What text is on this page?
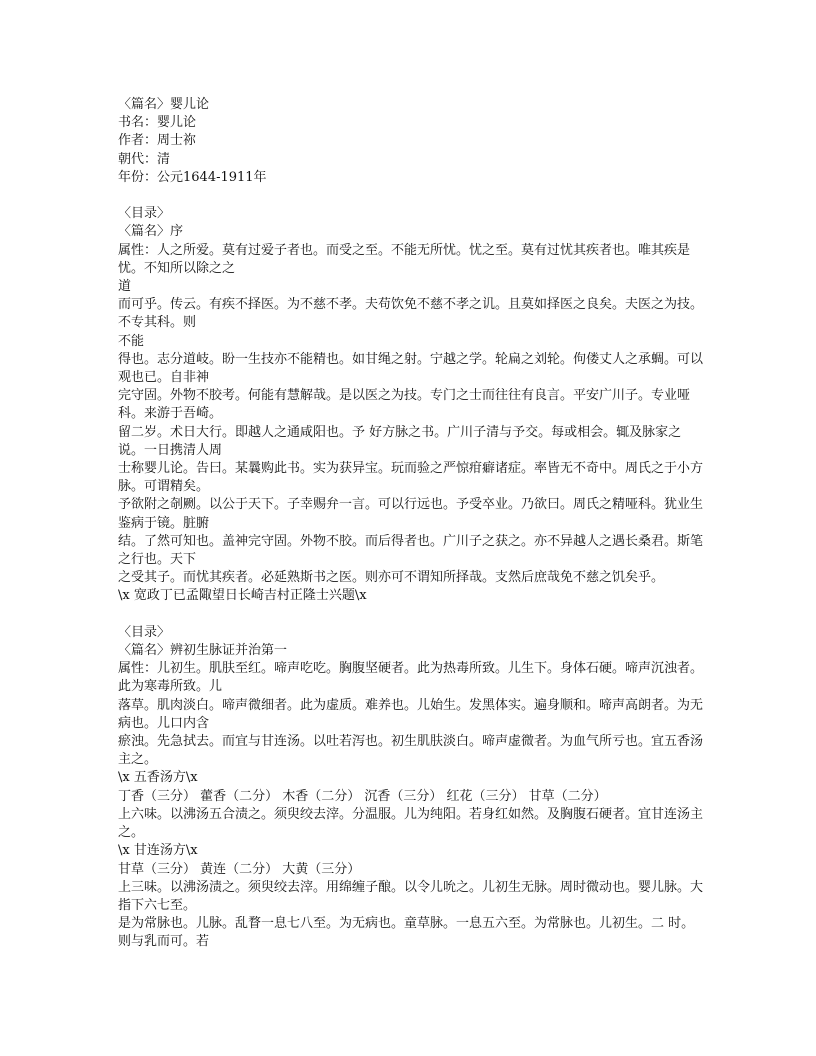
〈篇名〉婴儿论
书名：婴儿论
作者：周士祢
朝代：清
年份：公元1644-1911年
〈目录〉
〈篇名〉序
属性：人之所爱。莫有过爱子者也。而受之至。不能无所忧。忧之至。莫有过忧其疾者也。唯其疾是忧。不知所以除之之
道
而可乎。传云。有疾不择医。为不慈不孝。夫苟饮免不慈不孝之讥。且莫如择医之良矣。夫医之为技。不专其科。则
不能
得也。志分道岐。盼一生技亦不能精也。如甘绳之射。宁越之学。轮扁之刘轮。佝偻丈人之承蜩。可以观也已。自非神
完守固。外物不胶考。何能有慧解哉。是以医之为技。专门之士而往往有良言。平安广川子。专业哑科。来游于吾崎。
留二岁。术日大行。即越人之通咸阳也。予 好方脉之书。广川子清与予交。每或相会。辄及脉家之说。一日携清人周
士称婴儿论。告曰。某曩购此书。实为获异宝。玩而验之严惊疳癖诸症。率皆无不奇中。周氏之于小方脉。可谓精矣。
予欲附之剞劂。以公于天下。子幸赐弁一言。可以行远也。予受卒业。乃欲曰。周氏之精哑科。犹业生鉴病于镜。脏腑
结。了然可知也。盖神完守固。外物不胶。而后得者也。广川子之获之。亦不异越人之遇长桑君。斯笔之行也。天下
之受其子。而忧其疾者。必延熟斯书之医。则亦可不谓知所择哉。支然后庶哉免不慈之饥矣乎。
\x 宽政丁已孟陬望日长崎吉村正隆士兴题\x
〈目录〉
〈篇名〉辨初生脉证并治第一
属性：儿初生。肌肤至红。啼声吃吃。胸腹坚硬者。此为热毒所致。儿生下。身体石硬。啼声沉浊者。此为寒毒所致。儿
落草。肌肉淡白。啼声微细者。此为虚质。难养也。儿始生。发黑体实。遍身顺和。啼声高朗者。为无病也。儿口内含
瘀浊。先急拭去。而宜与甘连汤。以吐若泻也。初生肌肤淡白。啼声虚微者。为血气所亏也。宜五香汤主之。
\x 五香汤方\x
丁香（三分） 藿香（二分） 木香（二分） 沉香（三分） 红花（三分） 甘草（二分）
上六味。以沸汤五合渍之。须臾绞去滓。分温服。儿为纯阳。若身红如然。及胸腹石硬者。宜甘连汤主之。
\x 甘连汤方\x
甘草（三分） 黄连（二分） 大黄（三分）
上三味。以沸汤渍之。须臾绞去滓。用绵缠子酿。以令儿吮之。儿初生无脉。周时微动也。婴儿脉。大指下六七至。
是为常脉也。儿脉。乱瞀一息七八至。为无病也。童草脉。一息五六至。为常脉也。儿初生。二 时。则与乳而可。若
